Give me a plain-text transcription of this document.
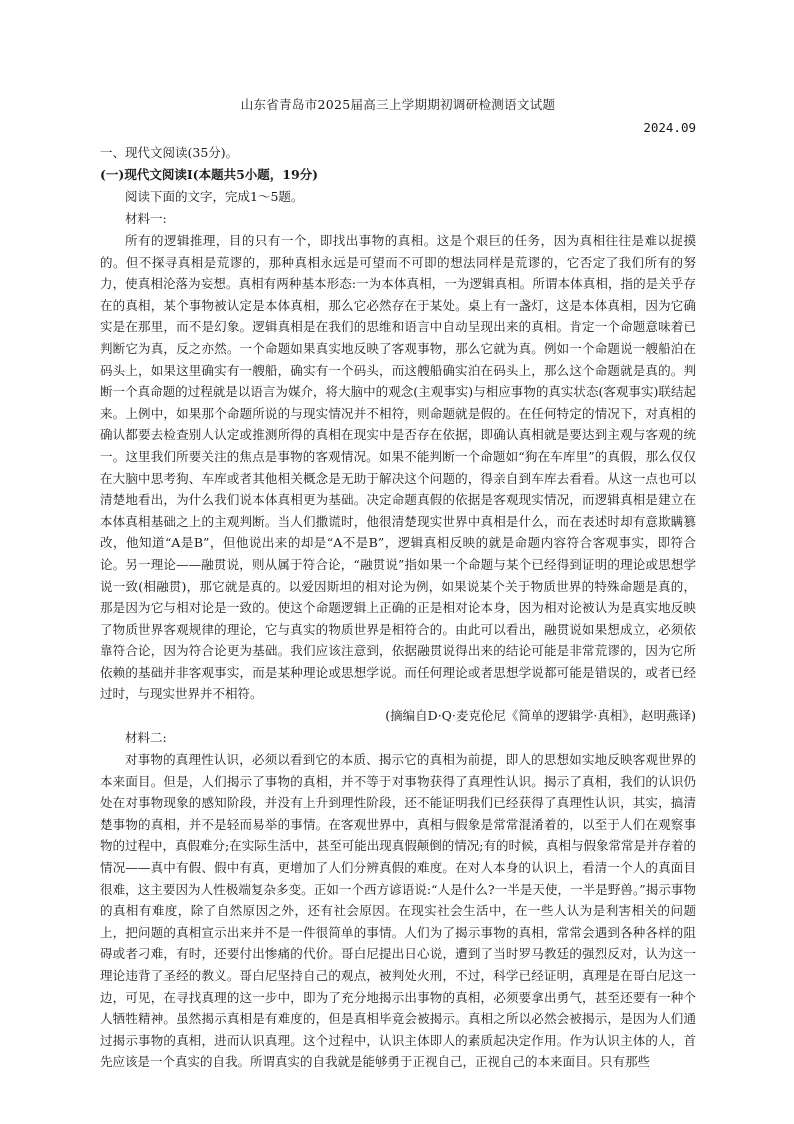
山东省青岛市2025届高三上学期期初调研检测语文试题
2024.09
一、现代文阅读(35分)。
(一)现代文阅读Ⅰ(本题共5小题，19分)
阅读下面的文字，完成1～5题。
材料一:
所有的逻辑推理，目的只有一个，即找出事物的真相。这是个艰巨的任务，因为真相往往是难以捉摸的。但不探寻真相是荒谬的，那种真相永远是可望而不可即的想法同样是荒谬的，它否定了我们所有的努力，使真相沦落为妄想。真相有两种基本形态:一为本体真相，一为逻辑真相。所谓本体真相，指的是关乎存在的真相，某个事物被认定是本体真相，那么它必然存在于某处。桌上有一盏灯，这是本体真相，因为它确实是在那里，而不是幻象。逻辑真相是在我们的思维和语言中自动呈现出来的真相。肯定一个命题意味着已判断它为真，反之亦然。一个命题如果真实地反映了客观事物，那么它就为真。例如一个命题说一艘船泊在码头上，如果这里确实有一艘船，确实有一个码头，而这艘船确实泊在码头上，那么这个命题就是真的。判断一个真命题的过程就是以语言为媒介，将大脑中的观念(主观事实)与相应事物的真实状态(客观事实)联结起来。上例中，如果那个命题所说的与现实情况并不相符，则命题就是假的。在任何特定的情况下，对真相的确认都要去检查别人认定或推测所得的真相在现实中是否存在依据，即确认真相就是要达到主观与客观的统一。这里我们所要关注的焦点是事物的客观情况。如果不能判断一个命题如“狗在车库里”的真假，那么仅仅在大脑中思考狗、车库或者其他相关概念是无助于解决这个问题的，得亲自到车库去看看。从这一点也可以清楚地看出，为什么我们说本体真相更为基础。决定命题真假的依据是客观现实情况，而逻辑真相是建立在本体真相基础之上的主观判断。当人们撒谎时，他很清楚现实世界中真相是什么，而在表述时却有意欺瞒篡改，他知道“A是B”，但他说出来的却是“A不是B”，逻辑真相反映的就是命题内容符合客观事实，即符合论。另一理论——融贯说，则从属于符合论，“融贯说”指如果一个命题与某个已经得到证明的理论或思想学说一致(相融贯)，那它就是真的。以爱因斯坦的相对论为例，如果说某个关于物质世界的特殊命题是真的，那是因为它与相对论是一致的。使这个命题逻辑上正确的正是相对论本身，因为相对论被认为是真实地反映了物质世界客观规律的理论，它与真实的物质世界是相符合的。由此可以看出，融贯说如果想成立，必须依靠符合论，因为符合论更为基础。我们应该注意到，依据融贯说得出来的结论可能是非常荒谬的，因为它所依赖的基础并非客观事实，而是某种理论或思想学说。而任何理论或者思想学说都可能是错误的，或者已经过时，与现实世界并不相符。
(摘编自D·Q·麦克伦尼《简单的逻辑学·真相》，赵明燕译)
材料二:
对事物的真理性认识，必须以看到它的本质、揭示它的真相为前提，即人的思想如实地反映客观世界的本来面目。但是，人们揭示了事物的真相，并不等于对事物获得了真理性认识。揭示了真相，我们的认识仍处在对事物现象的感知阶段，并没有上升到理性阶段，还不能证明我们已经获得了真理性认识，其实，搞清楚事物的真相，并不是轻而易举的事情。在客观世界中，真相与假象是常常混淆着的，以至于人们在观察事物的过程中，真假难分;在实际生活中，甚至可能出现真假颠倒的情况;有的时候，真相与假象常常是并存着的情况——真中有假、假中有真，更增加了人们分辨真假的难度。在对人本身的认识上，看清一个人的真面目很难，这主要因为人性极端复杂多变。正如一个西方谚语说:“人是什么?一半是天使，一半是野兽。”揭示事物的真相有难度，除了自然原因之外，还有社会原因。在现实社会生活中，在一些人认为是利害相关的问题上，把问题的真相宣示出来并不是一件很简单的事情。人们为了揭示事物的真相，常常会遇到各种各样的阻碍或者刁难，有时，还要付出惨痛的代价。哥白尼提出日心说，遭到了当时罗马教廷的强烈反对，认为这一理论违背了圣经的教义。哥白尼坚持自己的观点，被判处火刑，不过，科学已经证明，真理是在哥白尼这一边，可见，在寻找真理的这一步中，即为了充分地揭示出事物的真相，必须要拿出勇气，甚至还要有一种个人牺牲精神。虽然揭示真相是有难度的，但是真相毕竟会被揭示。真相之所以必然会被揭示，是因为人们通过揭示事物的真相，进而认识真理。这个过程中，认识主体即人的素质起决定作用。作为认识主体的人，首先应该是一个真实的自我。所谓真实的自我就是能够勇于正视自己，正视自己的本来面目。只有那些
